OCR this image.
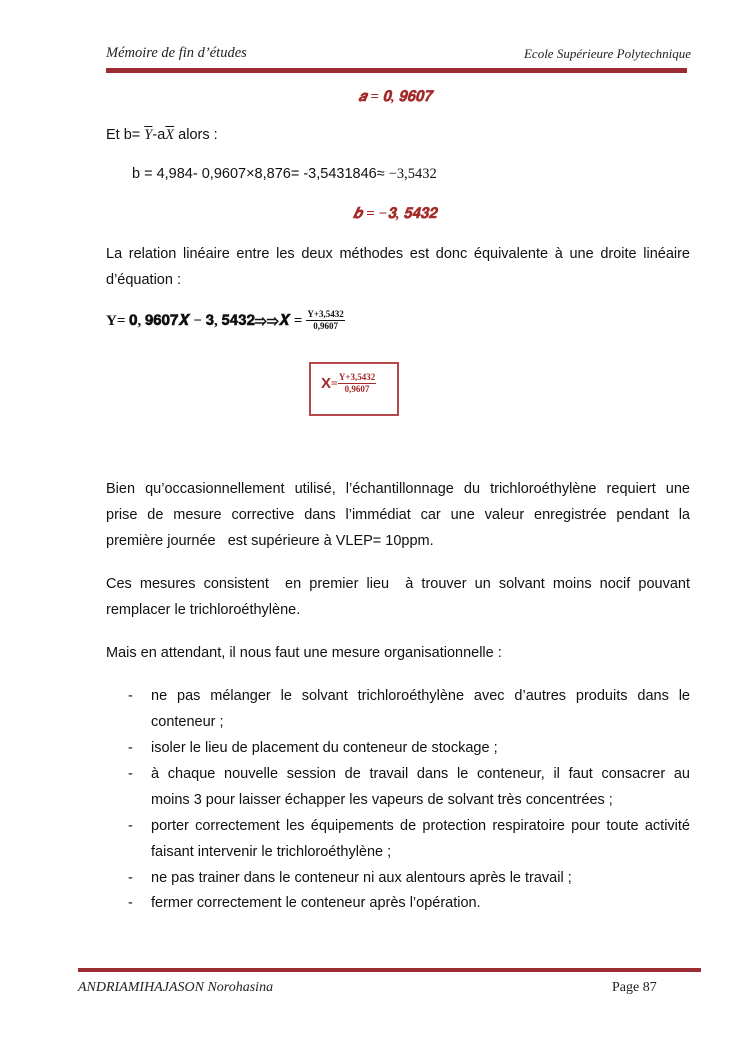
Mémoire de fin d’études	Ecole Supérieure Polytechnique
𝒂 = 𝟎, 𝟗𝟔𝟎𝟕
Et $b= \overline{Y}-a\overline{X}$ alors :
b = 4,984- 0,9607×8,876= -3,5431846≈ −3,5432
𝒃 = −𝟑, 𝟓𝟒𝟑𝟐
La relation linéaire entre les deux méthodes est donc équivalente à une droite linéaire
d’équation :
Y= 𝟎, 𝟗𝟔𝟎𝟕𝑿 − 𝟑, 𝟓𝟒𝟑𝟐⇒⇒𝑿 = $\frac{Y+3,5432}{0,9607}$
$X = \frac{Y+3,5432}{0,9607}$
Bien qu’occasionnellement utilisé, l’échantillonnage du trichloroéthylène requiert une
prise de mesure corrective dans l’immédiat car une valeur enregistrée pendant la
première journée   est supérieure à VLEP= 10ppm.
Ces mesures consistent  en premier lieu  à trouver un solvant moins nocif pouvant
remplacer le trichloroéthylène.
Mais en attendant, il nous faut une mesure organisationnelle :
-	ne pas mélanger le solvant trichloroéthylène avec d’autres produits dans le
conteneur ;
-	isoler le lieu de placement du conteneur de stockage ;
-	à chaque nouvelle session de travail dans le conteneur, il faut consacrer au
moins 3 pour laisser échapper les vapeurs de solvant très concentrées ;
-	porter correctement les équipements de protection respiratoire pour toute activité
faisant intervenir le trichloroéthylène ;
-	ne pas trainer dans le conteneur ni aux alentours après le travail ;
-	fermer correctement le conteneur après l’opération.
ANDRIAMIHAJASON Norohasina	Page 87
